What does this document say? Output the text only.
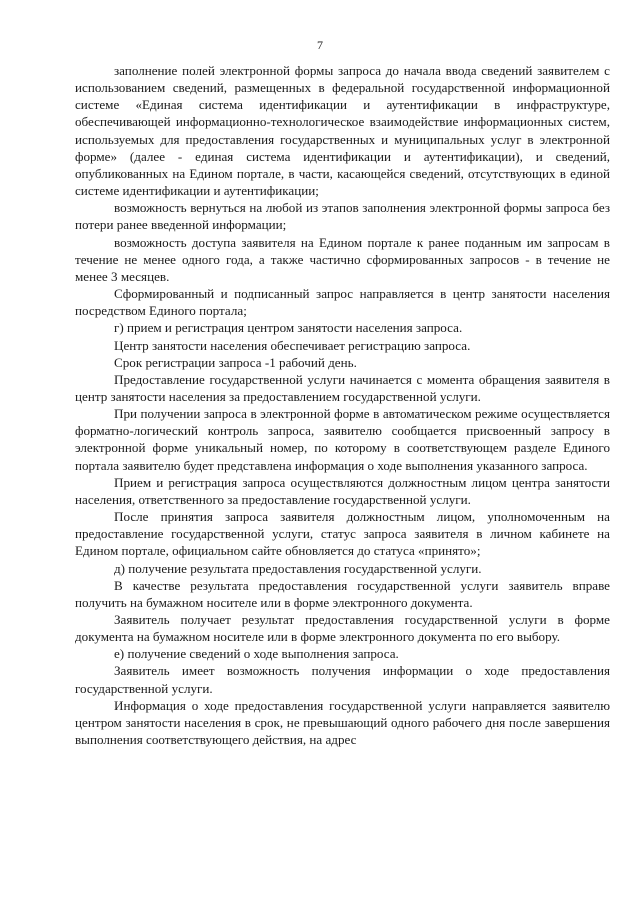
7

заполнение полей электронной формы запроса до начала ввода сведений заявителем с использованием сведений, размещенных в федеральной государственной информационной системе «Единая система идентификации и аутентификации в инфраструктуре, обеспечивающей информационно-технологическое взаимодействие информационных систем, используемых для предоставления государственных и муниципальных услуг в электронной форме» (далее - единая система идентификации и аутентификации), и сведений, опубликованных на Едином портале, в части, касающейся сведений, отсутствующих в единой системе идентификации и аутентификации;

возможность вернуться на любой из этапов заполнения электронной формы запроса без потери ранее введенной информации;

возможность доступа заявителя на Едином портале к ранее поданным им запросам в течение не менее одного года, а также частично сформированных запросов - в течение не менее 3 месяцев.

Сформированный и подписанный запрос направляется в центр занятости населения посредством Единого портала;

г) прием и регистрация центром занятости населения запроса.

Центр занятости населения обеспечивает регистрацию запроса.

Срок регистрации запроса -1 рабочий день.

Предоставление государственной услуги начинается с момента обращения заявителя в центр занятости населения за предоставлением государственной услуги.

При получении запроса в электронной форме в автоматическом режиме осуществляется форматно-логический контроль запроса, заявителю сообщается присвоенный запросу в электронной форме уникальный номер, по которому в соответствующем разделе Единого портала заявителю будет представлена информация о ходе выполнения указанного запроса.

Прием и регистрация запроса осуществляются должностным лицом центра занятости населения, ответственного за предоставление государственной услуги.

После принятия запроса заявителя должностным лицом, уполномоченным на предоставление государственной услуги, статус запроса заявителя в личном кабинете на Едином портале, официальном сайте обновляется до статуса «принято»;

д) получение результата предоставления государственной услуги.

В качестве результата предоставления государственной услуги заявитель вправе получить на бумажном носителе или в форме электронного документа.

Заявитель получает результат предоставления государственной услуги в форме документа на бумажном носителе или в форме электронного документа по его выбору.

е) получение сведений о ходе выполнения запроса.

Заявитель имеет возможность получения информации о ходе предоставления государственной услуги.

Информация о ходе предоставления государственной услуги направляется заявителю центром занятости населения в срок, не превышающий одного рабочего дня после завершения выполнения соответствующего действия, на адрес
